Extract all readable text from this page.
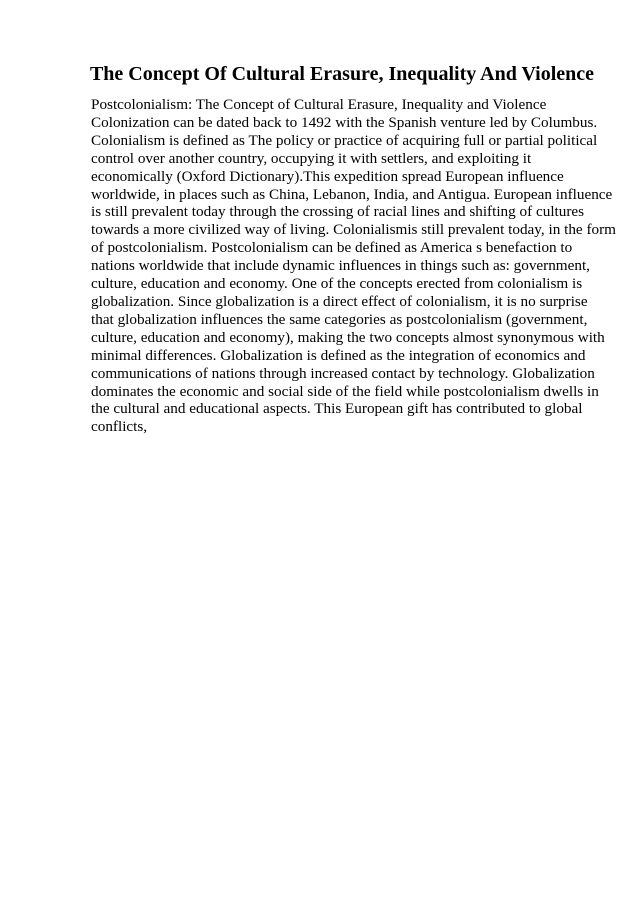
The Concept Of Cultural Erasure, Inequality And Violence
Postcolonialism: The Concept of Cultural Erasure, Inequality and Violence
Colonization can be dated back to 1492 with the Spanish venture led by Columbus.
Colonialism is defined as The policy or practice of acquiring full or partial political
control over another country, occupying it with settlers, and exploiting it
economically (Oxford Dictionary).This expedition spread European influence
worldwide, in places such as China, Lebanon, India, and Antigua. European influence
is still prevalent today through the crossing of racial lines and shifting of cultures
towards a more civilized way of living. Colonialismis still prevalent today, in the form
of postcolonialism. Postcolonialism can be defined as America s benefaction to
nations worldwide that include dynamic influences in things such as: government,
culture, education and economy. One of the concepts erected from colonialism is
globalization. Since globalization is a direct effect of colonialism, it is no surprise
that globalization influences the same categories as postcolonialism (government,
culture, education and economy), making the two concepts almost synonymous with
minimal differences. Globalization is defined as the integration of economics and
communications of nations through increased contact by technology. Globalization
dominates the economic and social side of the field while postcolonialism dwells in
the cultural and educational aspects. This European gift has contributed to global
conflicts,
